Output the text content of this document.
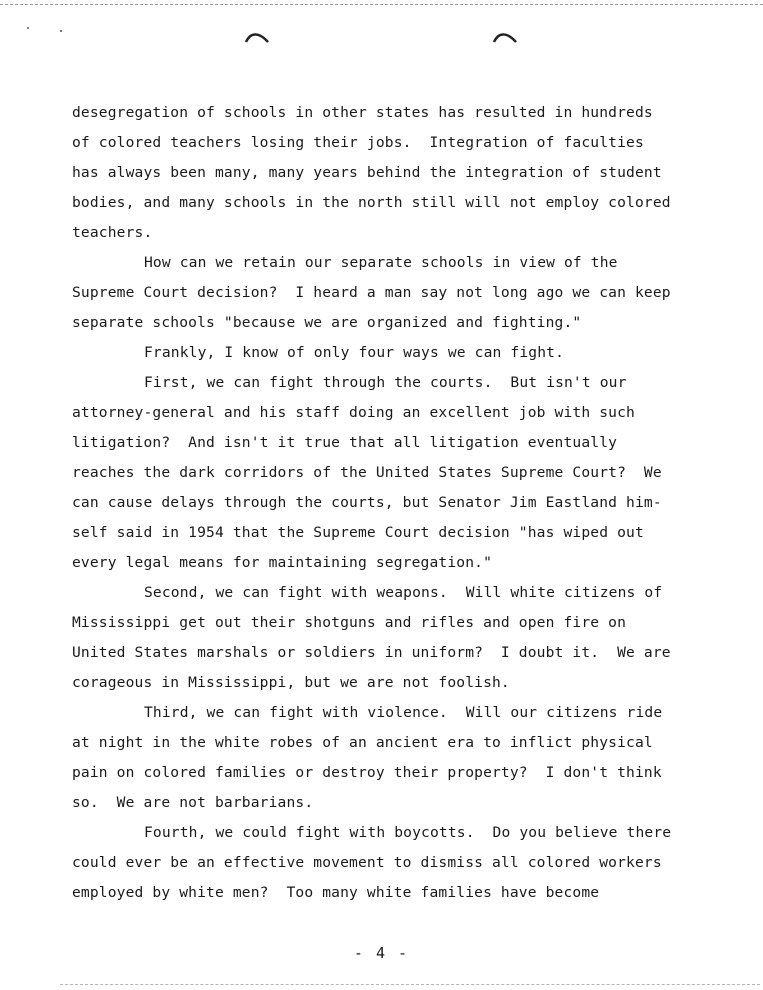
desegregation of schools in other states has resulted in hundreds
of colored teachers losing their jobs.  Integration of faculties
has always been many, many years behind the integration of student
bodies, and many schools in the north still will not employ colored
teachers.
How can we retain our separate schools in view of the
Supreme Court decision?  I heard a man say not long ago we can keep
separate schools "because we are organized and fighting."
Frankly, I know of only four ways we can fight.
First, we can fight through the courts.  But isn't our
attorney-general and his staff doing an excellent job with such
litigation?  And isn't it true that all litigation eventually
reaches the dark corridors of the United States Supreme Court?  We
can cause delays through the courts, but Senator Jim Eastland him-
self said in 1954 that the Supreme Court decision "has wiped out
every legal means for maintaining segregation."
Second, we can fight with weapons.  Will white citizens of
Mississippi get out their shotguns and rifles and open fire on
United States marshals or soldiers in uniform?  I doubt it.  We are
corageous in Mississippi, but we are not foolish.
Third, we can fight with violence.  Will our citizens ride
at night in the white robes of an ancient era to inflict physical
pain on colored families or destroy their property?  I don't think
so.  We are not barbarians.
Fourth, we could fight with boycotts.  Do you believe there
could ever be an effective movement to dismiss all colored workers
employed by white men?  Too many white families have become
- 4 -
